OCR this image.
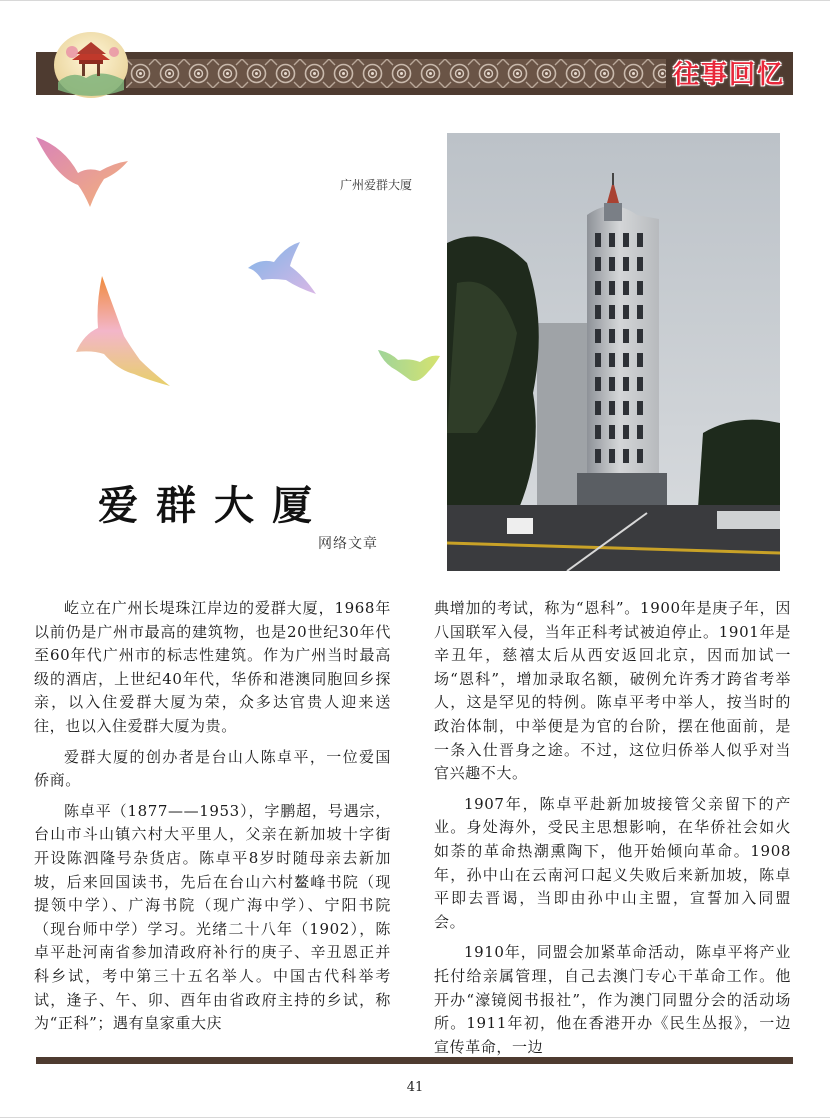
往事回忆
广州爱群大厦
爱群大厦
网络文章

屹立在广州长堤珠江岸边的爱群大厦，1968年以前仍是广州市最高的建筑物，也是20世纪30年代至60年代广州市的标志性建筑。作为广州当时最高级的酒店，上世纪40年代，华侨和港澳同胞回乡探亲，以入住爱群大厦为荣，众多达官贵人迎来送往，也以入住爱群大厦为贵。

爱群大厦的创办者是台山人陈卓平，一位爱国侨商。

陈卓平（1877——1953），字鹏超，号遇宗，台山市斗山镇六村大平里人，父亲在新加坡十字街开设陈泗隆号杂货店。陈卓平8岁时随母亲去新加坡，后来回国读书，先后在台山六村鳌峰书院（现提领中学）、广海书院（现广海中学）、宁阳书院（现台师中学）学习。光绪二十八年（1902），陈卓平赴河南省参加清政府补行的庚子、辛丑恩正并科乡试，考中第三十五名举人。中国古代科举考试，逢子、午、卯、酉年由省政府主持的乡试，称为“正科”；遇有皇家重大庆

典增加的考试，称为“恩科”。1900年是庚子年，因八国联军入侵，当年正科考试被迫停止。1901年是辛丑年，慈禧太后从西安返回北京，因而加试一场“恩科”，增加录取名额，破例允许秀才跨省考举人，这是罕见的特例。陈卓平考中举人，按当时的政治体制，中举便是为官的台阶，摆在他面前，是一条入仕晋身之途。不过，这位归侨举人似乎对当官兴趣不大。

1907年，陈卓平赴新加坡接管父亲留下的产业。身处海外，受民主思想影响，在华侨社会如火如荼的革命热潮熏陶下，他开始倾向革命。1908年，孙中山在云南河口起义失败后来新加坡，陈卓平即去晋谒，当即由孙中山主盟，宣誓加入同盟会。

1910年，同盟会加紧革命活动，陈卓平将产业托付给亲属管理，自己去澳门专心干革命工作。他开办“濠镜阅书报社”，作为澳门同盟分会的活动场所。1911年初，他在香港开办《民生丛报》，一边宣传革命，一边

41
